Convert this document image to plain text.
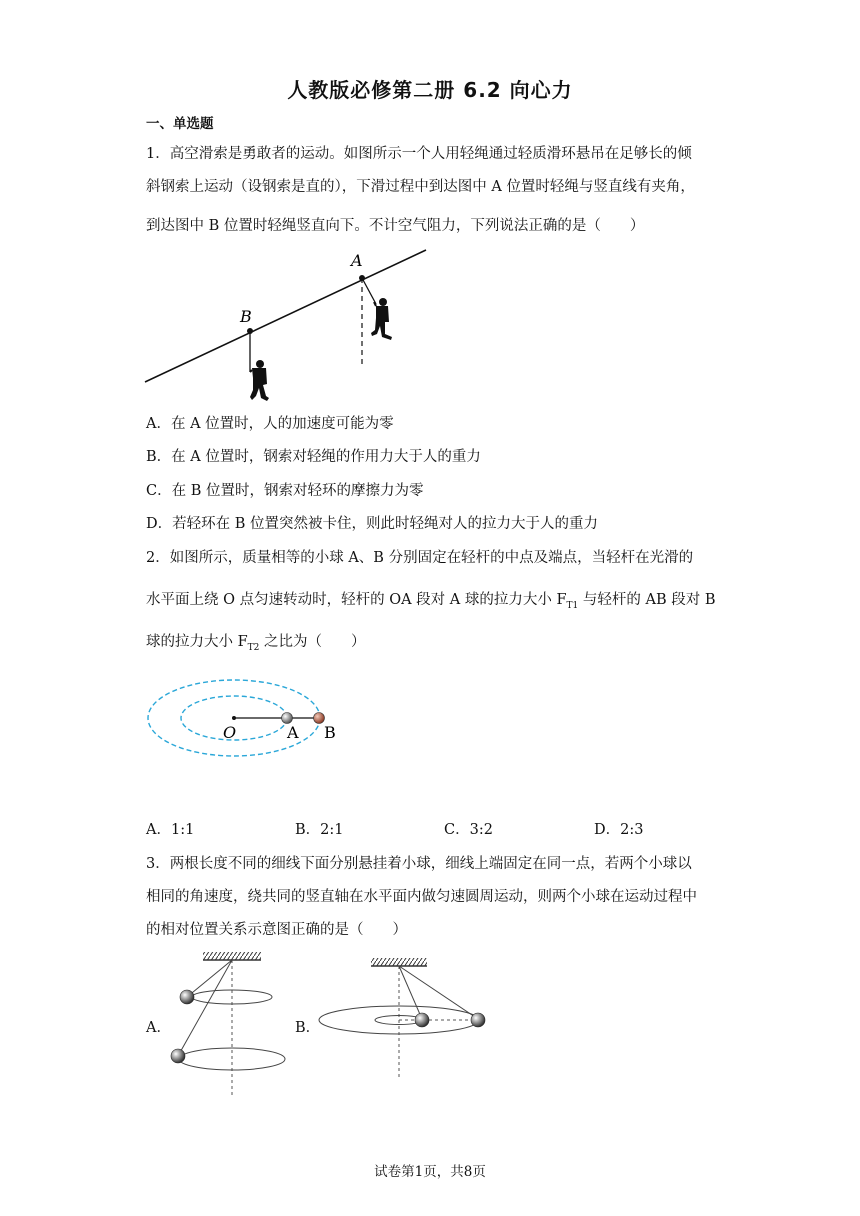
人教版必修第二册 6.2 向心力
一、单选题
1．高空滑索是勇敢者的运动。如图所示一个人用轻绳通过轻质滑环悬吊在足够长的倾
斜钢索上运动（设钢索是直的），下滑过程中到达图中 A 位置时轻绳与竖直线有夹角，
到达图中 B 位置时轻绳竖直向下。不计空气阻力，下列说法正确的是（　　）
A
B
A．在 A 位置时，人的加速度可能为零
B．在 A 位置时，钢索对轻绳的作用力大于人的重力
C．在 B 位置时，钢索对轻环的摩擦力为零
D．若轻环在 B 位置突然被卡住，则此时轻绳对人的拉力大于人的重力
2．如图所示，质量相等的小球 A、B 分别固定在轻杆的中点及端点，当轻杆在光滑的
水平面上绕 O 点匀速转动时，轻杆的 OA 段对 A 球的拉力大小 $F_{T1}$ 与轻杆的 AB 段对 B
球的拉力大小 $F_{T2}$ 之比为（　　）
O	A B
A．1:1	B．2:1	C．3:2	D．2:3
3．两根长度不同的细线下面分别悬挂着小球，细线上端固定在同一点，若两个小球以
相同的角速度，绕共同的竖直轴在水平面内做匀速圆周运动，则两个小球在运动过程中
的相对位置关系示意图正确的是（　　）
A．	B．
试卷第1页，共8页
